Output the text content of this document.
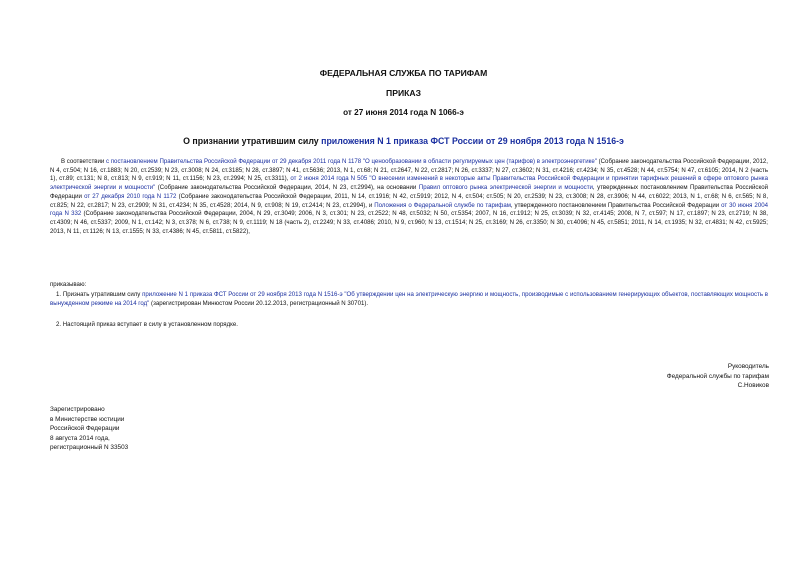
ФЕДЕРАЛЬНАЯ СЛУЖБА ПО ТАРИФАМ
ПРИКАЗ
от 27 июня 2014 года N 1066-э
О признании утратившим силу приложения N 1 приказа ФСТ России от 29 ноября 2013 года N 1516-э

В соответствии с постановлением Правительства Российской Федерации от 29 декабря 2011 года N 1178 "О ценообразовании в области регулируемых цен (тарифов) в электроэнергетике" (Собрание законодательства Российской Федерации, 2012, N 4, ст.504; N 16, ст.1883; N 20, ст.2539; N 23, ст.3008; N 24, ст.3185; N 28, ст.3897; N 41, ст.5636; 2013, N 1, ст.68; N 21, ст.2647, N 22, ст.2817; N 26, ст.3337; N 27, ст.3602; N 31, ст.4216; ст.4234; N 35, ст.4528; N 44, ст.5754; N 47, ст.6105; 2014, N 2 (часть 1), ст.89; ст.131; N 8, ст.813; N 9, ст.919; N 11, ст.1156; N 23, ст.2994; N 25, ст.3311), от 2 июня 2014 года N 505 "О внесении изменений в некоторые акты Правительства Российской Федерации и принятии тарифных решений в сфере оптового рынка электрической энергии и мощности" (Собрание законодательства Российской Федерации, 2014, N 23, ст.2994), на основании Правил оптового рынка электрической энергии и мощности, утвержденных постановлением Правительства Российской Федерации от 27 декабря 2010 года N 1172 (Собрание законодательства Российской Федерации, 2011, N 14, ст.1916; N 42, ст.5919; 2012, N 4, ст.504; ст.505; N 20, ст.2539; N 23, ст.3008; N 28, ст.3906; N 44, ст.6022; 2013, N 1, ст.68; N 6, ст.565; N 8, ст.825; N 22, ст.2817; N 23, ст.2909; N 31, ст.4234; N 35, ст.4528; 2014, N 9, ст.908; N 19, ст.2414; N 23, ст.2994), и Положения о Федеральной службе по тарифам, утвержденного постановлением Правительства Российской Федерации от 30 июня 2004 года N 332 (Собрание законодательства Российской Федерации, 2004, N 29, ст.3049; 2006, N 3, ст.301; N 23, ст.2522; N 48, ст.5032; N 50, ст.5354; 2007, N 16, ст.1912; N 25, ст.3039; N 32, ст.4145; 2008, N 7, ст.597; N 17, ст.1897; N 23, ст.2719; N 38, ст.4309; N 46, ст.5337; 2009, N 1, ст.142; N 3, ст.378; N 6, ст.738; N 9, ст.1119; N 18 (часть 2), ст.2249; N 33, ст.4086; 2010, N 9, ст.960; N 13, ст.1514; N 25, ст.3169; N 26, ст.3350; N 30, ст.4096; N 45, ст.5851; 2011, N 14, ст.1935; N 32, ст.4831; N 42, ст.5925; 2013, N 11, ст.1126; N 13, ст.1555; N 33, ст.4386; N 45, ст.5811, ст.5822),

приказываю:

1. Признать утратившим силу приложение N 1 приказа ФСТ России от 29 ноября 2013 года N 1516-э "Об утверждении цен на электрическую энергию и мощность, производимые с использованием генерирующих объектов, поставляющих мощность в вынужденном режиме на 2014 год" (зарегистрирован Минюстом России 20.12.2013, регистрационный N 30701).

2. Настоящий приказ вступает в силу в установленном порядке.

Руководитель
Федеральной службы по тарифам
С.Новиков
Зарегистрировано
в Министерстве юстиции
Российской Федерации
8 августа 2014 года,
регистрационный N 33503
